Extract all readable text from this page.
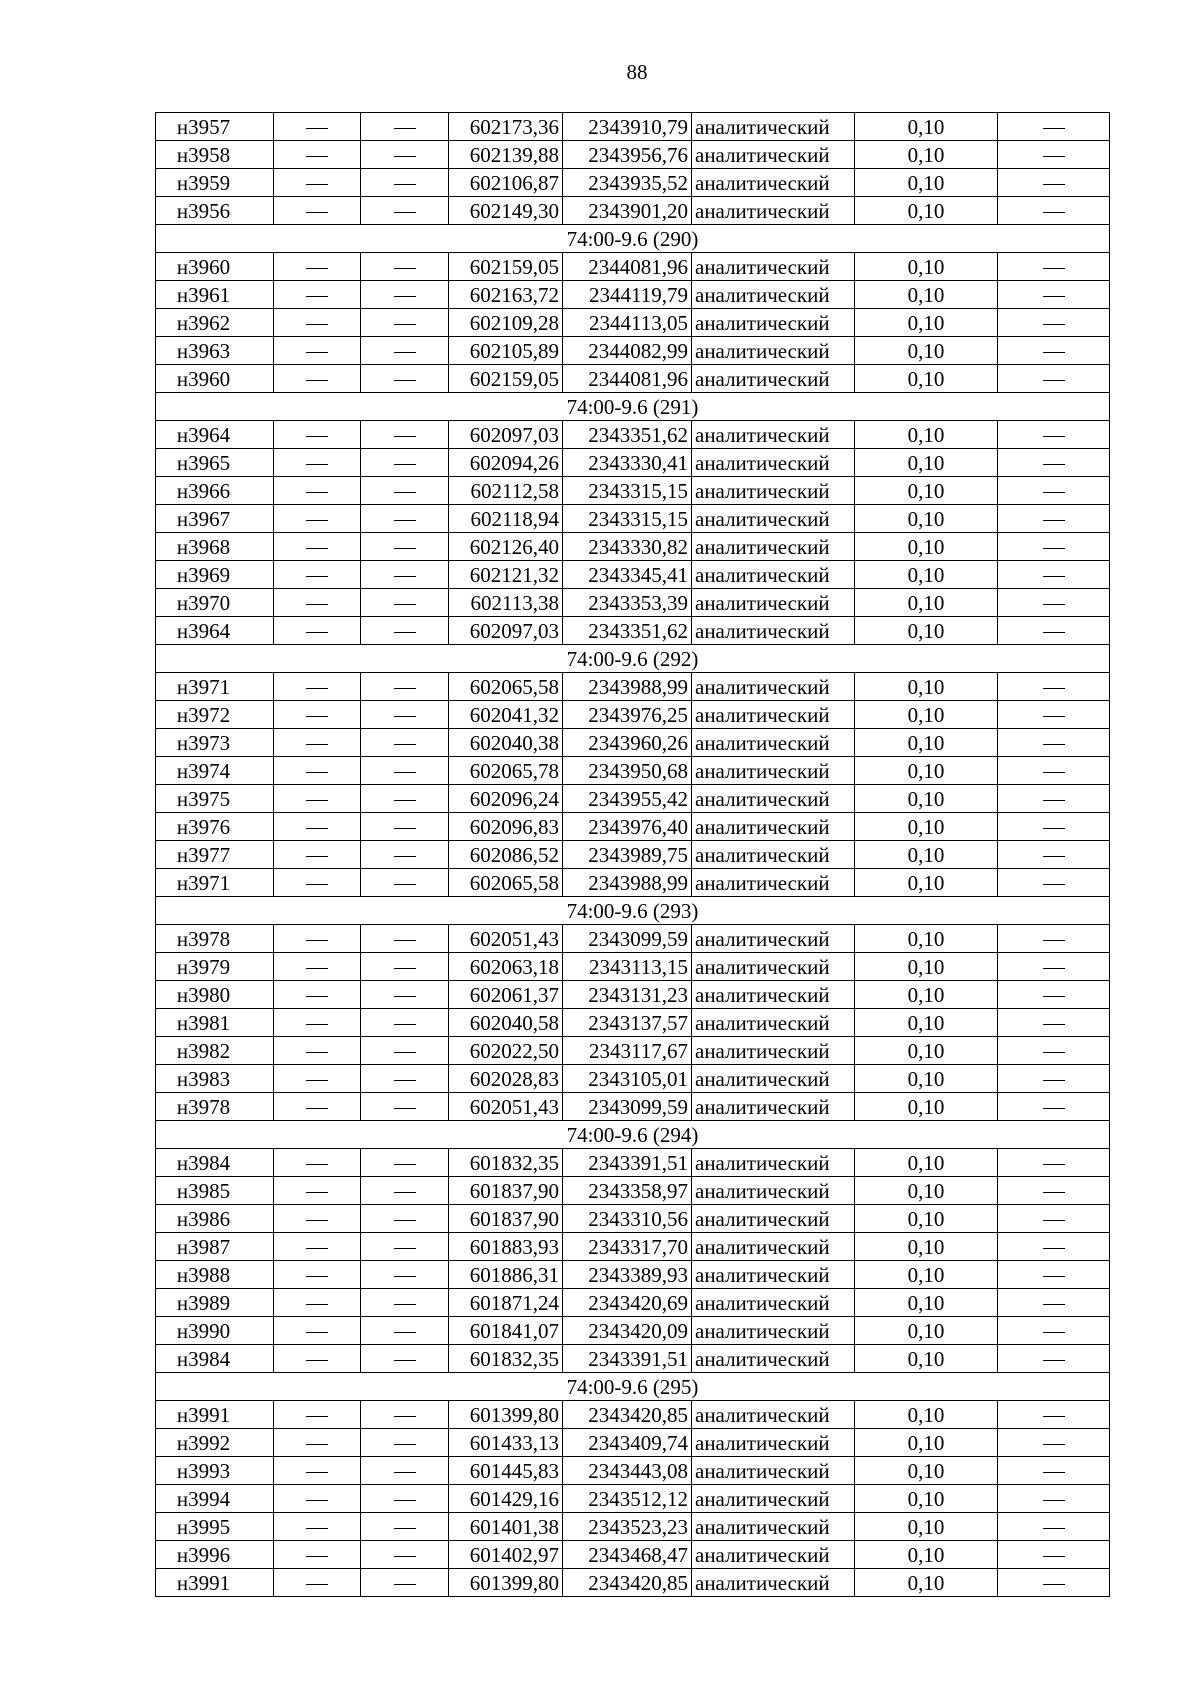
88
н3957			602173,36	2343910,79	аналитический	0,10	
н3958			602139,88	2343956,76	аналитический	0,10	
н3959			602106,87	2343935,52	аналитический	0,10	
н3956			602149,30	2343901,20	аналитический	0,10	
74:00-9.6 (290)							
н3960			602159,05	2344081,96	аналитический	0,10	
н3961			602163,72	2344119,79	аналитический	0,10	
н3962			602109,28	2344113,05	аналитический	0,10	
н3963			602105,89	2344082,99	аналитический	0,10	
н3960			602159,05	2344081,96	аналитический	0,10	
74:00-9.6 (291)							
н3964			602097,03	2343351,62	аналитический	0,10	
н3965			602094,26	2343330,41	аналитический	0,10	
н3966			602112,58	2343315,15	аналитический	0,10	
н3967			602118,94	2343315,15	аналитический	0,10	
н3968			602126,40	2343330,82	аналитический	0,10	
н3969			602121,32	2343345,41	аналитический	0,10	
н3970			602113,38	2343353,39	аналитический	0,10	
н3964			602097,03	2343351,62	аналитический	0,10	
74:00-9.6 (292)							
н3971			602065,58	2343988,99	аналитический	0,10	
н3972			602041,32	2343976,25	аналитический	0,10	
н3973			602040,38	2343960,26	аналитический	0,10	
н3974			602065,78	2343950,68	аналитический	0,10	
н3975			602096,24	2343955,42	аналитический	0,10	
н3976			602096,83	2343976,40	аналитический	0,10	
н3977			602086,52	2343989,75	аналитический	0,10	
н3971			602065,58	2343988,99	аналитический	0,10	
74:00-9.6 (293)							
н3978			602051,43	2343099,59	аналитический	0,10	
н3979			602063,18	2343113,15	аналитический	0,10	
н3980			602061,37	2343131,23	аналитический	0,10	
н3981			602040,58	2343137,57	аналитический	0,10	
н3982			602022,50	2343117,67	аналитический	0,10	
н3983			602028,83	2343105,01	аналитический	0,10	
н3978			602051,43	2343099,59	аналитический	0,10	
74:00-9.6 (294)							
н3984			601832,35	2343391,51	аналитический	0,10	
н3985			601837,90	2343358,97	аналитический	0,10	
н3986			601837,90	2343310,56	аналитический	0,10	
н3987			601883,93	2343317,70	аналитический	0,10	
н3988			601886,31	2343389,93	аналитический	0,10	
н3989			601871,24	2343420,69	аналитический	0,10	
н3990			601841,07	2343420,09	аналитический	0,10	
н3984			601832,35	2343391,51	аналитический	0,10	
74:00-9.6 (295)							
н3991			601399,80	2343420,85	аналитический	0,10	
н3992			601433,13	2343409,74	аналитический	0,10	
н3993			601445,83	2343443,08	аналитический	0,10	
н3994			601429,16	2343512,12	аналитический	0,10	
н3995			601401,38	2343523,23	аналитический	0,10	
н3996			601402,97	2343468,47	аналитический	0,10	
н3991			601399,80	2343420,85	аналитический	0,10	
